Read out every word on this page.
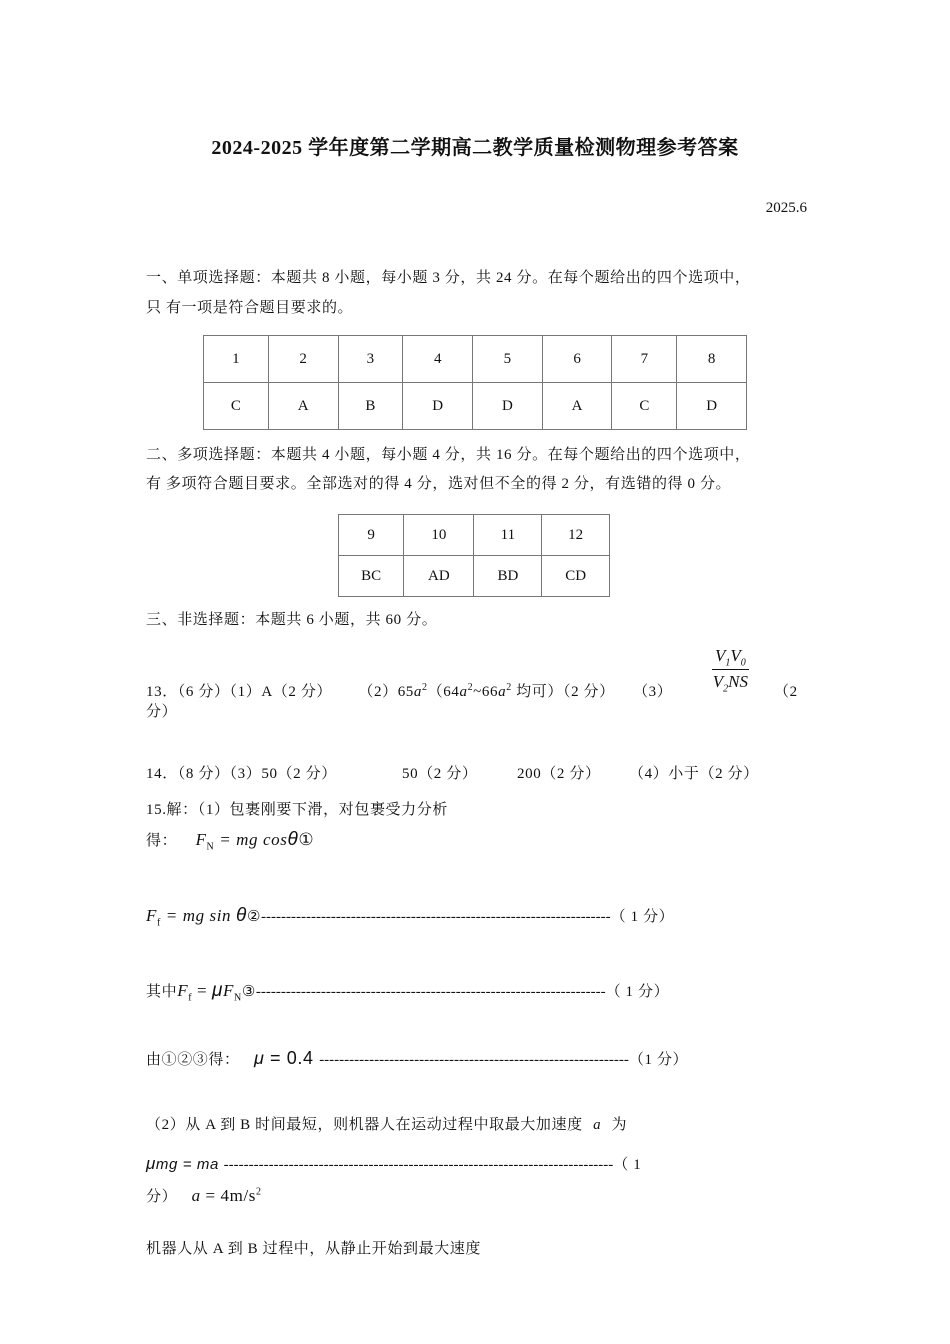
2024-2025 学年度第二学期高二教学质量检测物理参考答案
2025.6
一、单项选择题：本题共 8 小题，每小题 3 分，共 24 分。在每个题给出的四个选项中，
只 有一项是符合题目要求的。
1	2	3	4	5	6	7	8
C	A	B	D	D	A	C	D
二、多项选择题：本题共 4 小题，每小题 4 分，共 16 分。在每个题给出的四个选项中，
有 多项符合题目要求。全部选对的得 4 分，选对但不全的得 2 分，有选错的得 0 分。
9	10	11	12
BC	AD	BD	CD
三、非选择题：本题共 6 小题，共 60 分。
13．（6 分）（1）A（2 分） $(2)65a^2(64a^2\sim 66a^2$ 均可）（2 分） $(3) \frac{V_1V_0}{V_2NS} (2$
分）
14．（8 分）（3）50（2 分）	50（2 分）	200（2 分） （4）小于（2 分）
15.解：（1）包裹刚要下滑，对包裹受力分析
得： $F_N$ = mg cosθ①
$F_f$ = mg sin θ②----------------------------------------------------------------------（ 1 分）
其中$F_f$ = $\mu F_N③----------------------------------------------------------------------$（ 1 分）
由①②③得： μ = 0.4 --------------------------------------------------------------（1 分）
（2）从 A 到 B 时间最短，则机器人在运动过程中取最大加速度 a 为
μmg = ma ------------------------------------------------------------------------------（ 1
分） $a = 4m/s^2$
机器人从 A 到 B 过程中，从静止开始到最大速度
